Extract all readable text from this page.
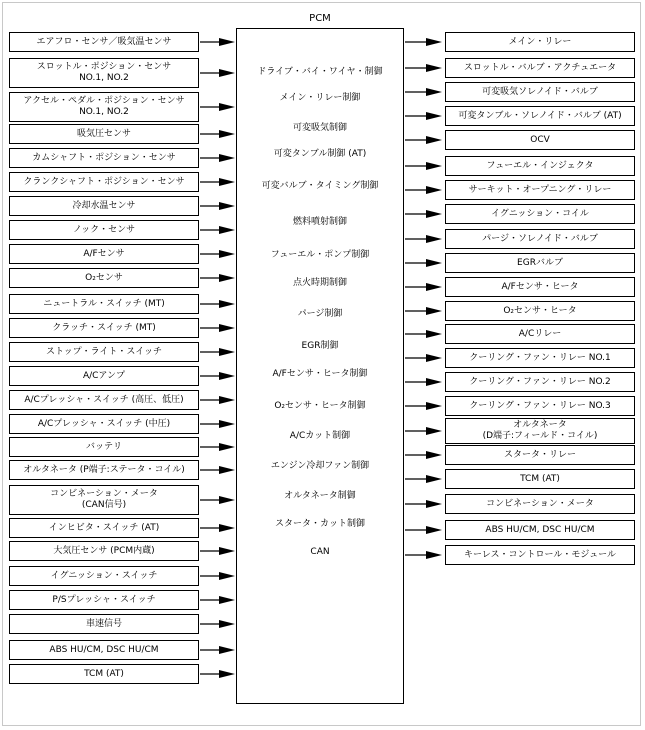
PCM
エアフロ・センサ／吸気温センサ
スロットル・ポジション・センサ
NO.1, NO.2
アクセル・ペダル・ポジション・センサ
NO.1, NO.2
吸気圧センサ
カムシャフト・ポジション・センサ
クランクシャフト・ポジション・センサ
冷却水温センサ
ノック・センサ
A/Fセンサ
O₂センサ
ニュートラル・スイッチ (MT)
クラッチ・スイッチ (MT)
ストップ・ライト・スイッチ
A/Cアンプ
A/Cプレッシャ・スイッチ (高圧、低圧)
A/Cプレッシャ・スイッチ (中圧)
バッテリ
オルタネータ (P端子:ステータ・コイル)
コンビネーション・メータ
(CAN信号)
インヒビタ・スイッチ (AT)
大気圧センサ (PCM内蔵)
イグニッション・スイッチ
P/Sプレッシャ・スイッチ
車速信号
ABS HU/CM, DSC HU/CM
TCM (AT)
メイン・リレー
スロットル・バルブ・アクチュエータ
可変吸気ソレノイド・バルブ
可変タンブル・ソレノイド・バルブ (AT)
OCV
フューエル・インジェクタ
サーキット・オープニング・リレー
イグニッション・コイル
パージ・ソレノイド・バルブ
EGRバルブ
A/Fセンサ・ヒータ
O₂センサ・ヒータ
A/Cリレー
クーリング・ファン・リレー NO.1
クーリング・ファン・リレー NO.2
クーリング・ファン・リレー NO.3
オルタネータ
(D端子:フィールド・コイル)
スタータ・リレー
TCM (AT)
コンビネーション・メータ
ABS HU/CM, DSC HU/CM
キーレス・コントロール・モジュール
ドライブ・バイ・ワイヤ・制御
メイン・リレー制御
可変吸気制御
可変タンブル制御 (AT)
可変バルブ・タイミング制御
燃料噴射制御
フューエル・ポンプ制御
点火時期制御
パージ制御
EGR制御
A/Fセンサ・ヒータ制御
O₂センサ・ヒータ制御
A/Cカット制御
エンジン冷却ファン制御
オルタネータ制御
スタータ・カット制御
CAN
